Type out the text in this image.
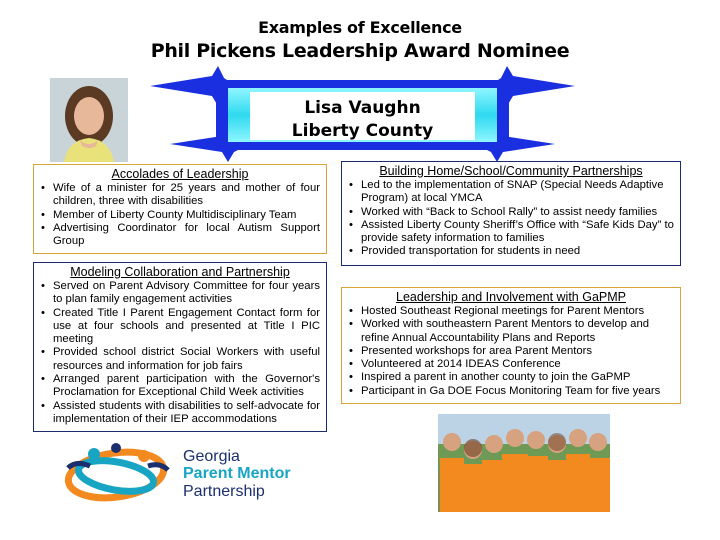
Examples of Excellence
Phil Pickens Leadership Award Nominee
Lisa Vaughn
Liberty County
Accolades of Leadership
• Wife of a minister for 25 years and mother of four children, three with disabilities
• Member of Liberty County Multidisciplinary Team
• Advertising Coordinator for local Autism Support Group
Modeling Collaboration and Partnership
• Served on Parent Advisory Committee for four years to plan family engagement activities
• Created Title I Parent Engagement Contact form for use at four schools and presented at Title I PIC meeting
• Provided school district Social Workers with useful resources and information for job fairs
• Arranged parent participation with the Governor's Proclamation for Exceptional Child Week activities
• Assisted students with disabilities to self-advocate for implementation of their IEP accommodations
Building Home/School/Community Partnerships
• Led to the implementation of SNAP (Special Needs Adaptive Program) at local YMCA
• Worked with “Back to School Rally” to assist needy families
• Assisted Liberty County Sheriff’s Office with “Safe Kids Day” to provide safety information to families
• Provided transportation for students in need
Leadership and Involvement with GaPMP
• Hosted Southeast Regional meetings for Parent Mentors
• Worked with southeastern Parent Mentors to develop and refine Annual Accountability Plans and Reports
• Presented workshops for area Parent Mentors
• Volunteered at 2014 IDEAS Conference
• Inspired a parent in another county to join the GaPMP
• Participant in Ga DOE Focus Monitoring Team for five years
Georgia
Parent Mentor
Partnership
